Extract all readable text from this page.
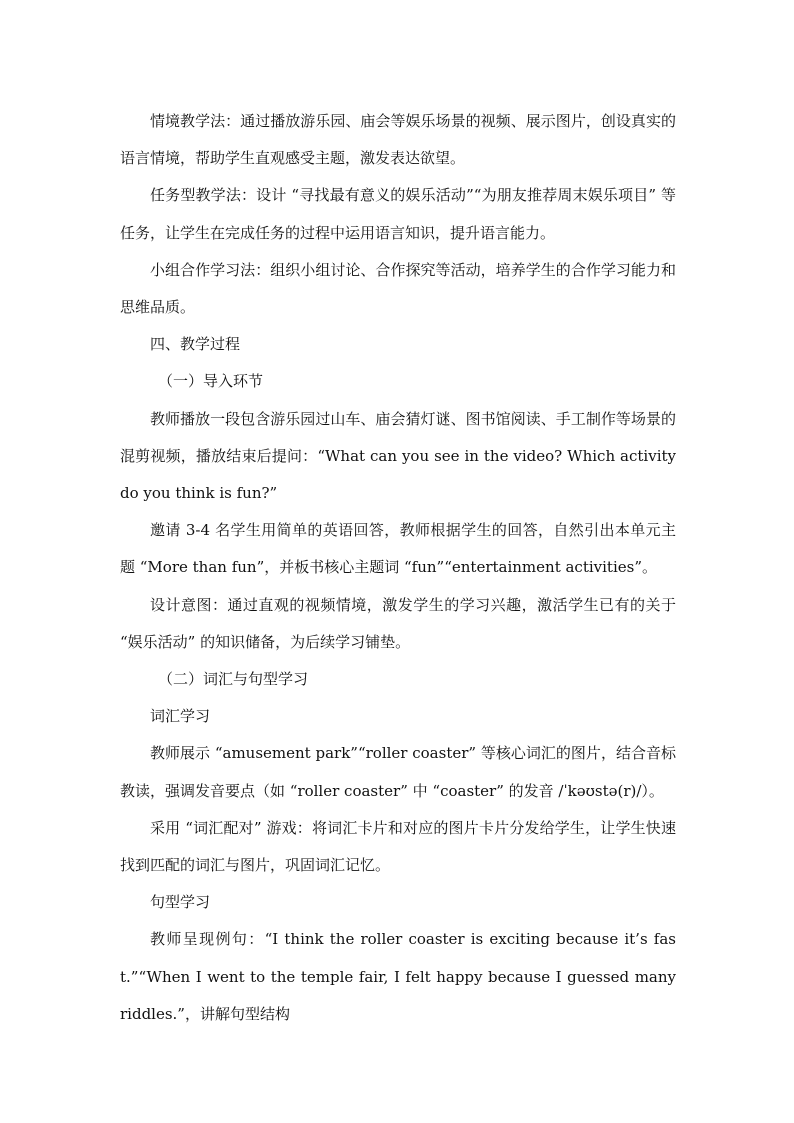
情境教学法：通过播放游乐园、庙会等娱乐场景的视频、展示图片，创设真实的语言情境，帮助学生直观感受主题，激发表达欲望。

任务型教学法：设计 “寻找最有意义的娱乐活动”“为朋友推荐周末娱乐项目” 等任务，让学生在完成任务的过程中运用语言知识，提升语言能力。

小组合作学习法：组织小组讨论、合作探究等活动，培养学生的合作学习能力和思维品质。

四、教学过程

（一）导入环节

教师播放一段包含游乐园过山车、庙会猜灯谜、图书馆阅读、手工制作等场景的混剪视频，播放结束后提问：“What can you see in the video? Which activity do you think is fun?”

邀请 3-4 名学生用简单的英语回答，教师根据学生的回答，自然引出本单元主题 “More than fun”，并板书核心主题词 “fun”“entertainment activities”。

设计意图：通过直观的视频情境，激发学生的学习兴趣，激活学生已有的关于 “娱乐活动” 的知识储备，为后续学习铺垫。

（二）词汇与句型学习

词汇学习

教师展示 “amusement park”“roller coaster” 等核心词汇的图片，结合音标教读，强调发音要点（如 “roller coaster” 中 “coaster” 的发音 /ˈkəʊstə(r)/）。

采用 “词汇配对” 游戏：将词汇卡片和对应的图片卡片分发给学生，让学生快速找到匹配的词汇与图片，巩固词汇记忆。

句型学习

教师呈现例句：“I think the roller coaster is exciting because it’s fast.”“When I went to the temple fair, I felt happy because I guessed many riddles.”，讲解句型结构
